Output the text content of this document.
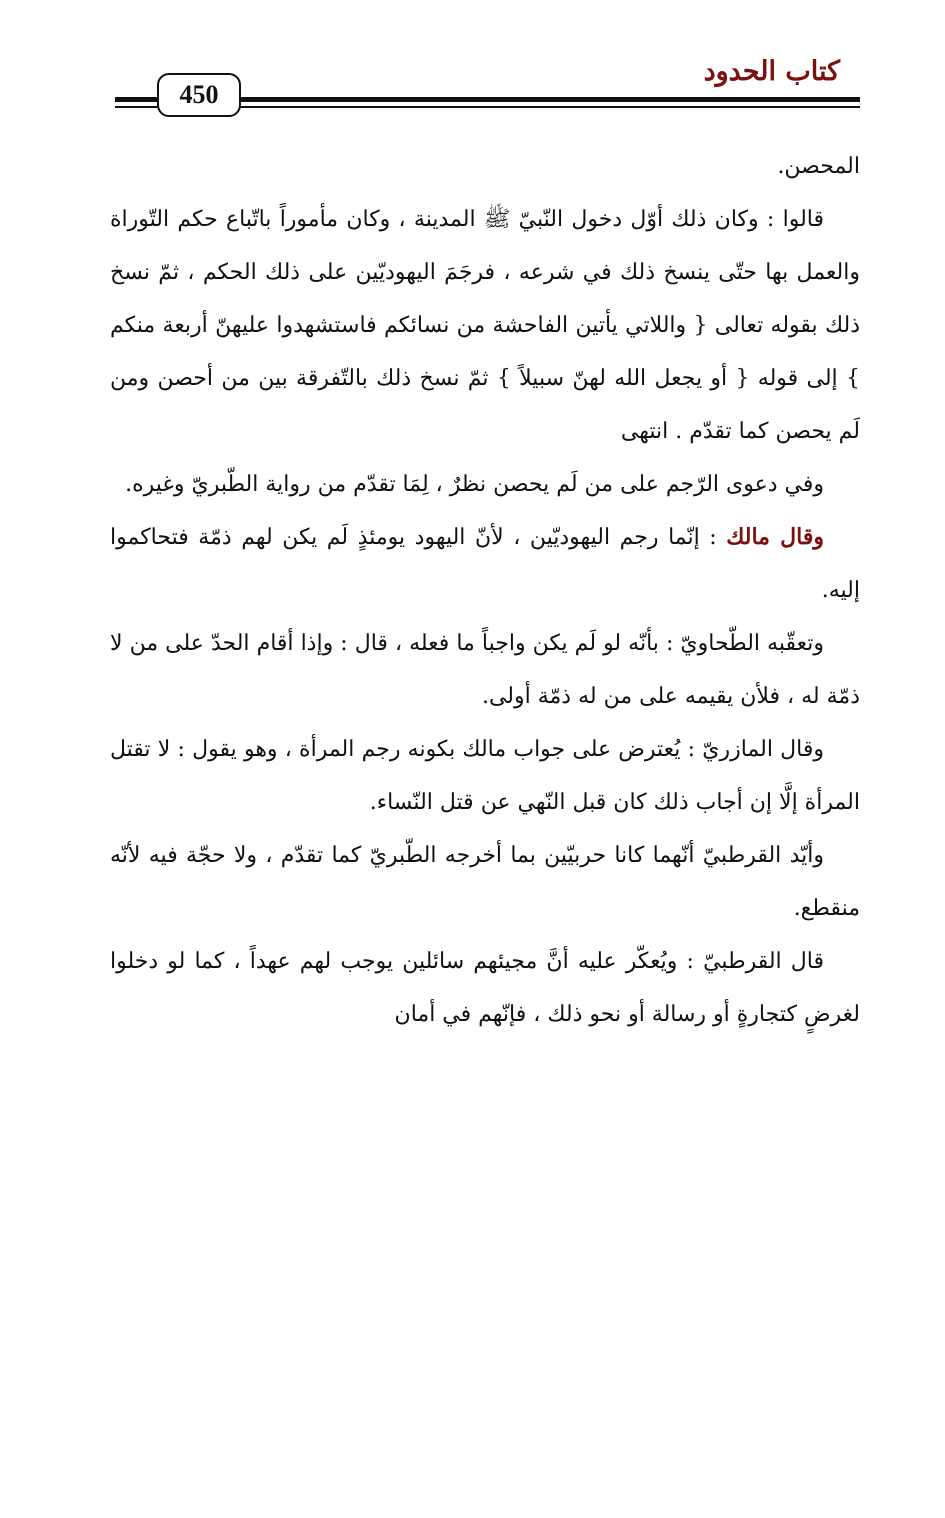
كتاب الحدود
450

المحصن.

قالوا : وكان ذلك أوّل دخول النّبيّ ﷺ المدينة ، وكان مأموراً باتّباع حكم التّوراة والعمل بها حتّى ينسخ ذلك في شرعه ، فرجَمَ اليهوديّين على ذلك الحكم ، ثمّ نسخ ذلك بقوله تعالى { واللاتي يأتين الفاحشة من نسائكم فاستشهدوا عليهنّ أربعة منكم } إلى قوله { أو يجعل الله لهنّ سبيلاً } ثمّ نسخ ذلك بالتّفرقة بين من أحصن ومن لَم يحصن كما تقدّم . انتهى

وفي دعوى الرّجم على من لَم يحصن نظرٌ ، لِمَا تقدّم من رواية الطّبريّ وغيره.

وقال مالك : إنّما رجم اليهوديّين ، لأنّ اليهود يومئذٍ لَم يكن لهم ذمّة فتحاكموا إليه.

وتعقّبه الطّحاويّ : بأنّه لو لَم يكن واجباً ما فعله ، قال : وإذا أقام الحدّ على من لا ذمّة له ، فلأن يقيمه على من له ذمّة أولى.

وقال المازريّ : يُعترض على جواب مالك بكونه رجم المرأة ، وهو يقول : لا تقتل المرأة إلَّا إن أجاب ذلك كان قبل النّهي عن قتل النّساء.

وأيّد القرطبيّ أنّهما كانا حربيّين بما أخرجه الطّبريّ كما تقدّم ، ولا حجّة فيه لأنّه منقطع.

قال القرطبيّ : ويُعكّر عليه أنَّ مجيئهم سائلين يوجب لهم عهداً ، كما لو دخلوا لغرضٍ كتجارةٍ أو رسالة أو نحو ذلك ، فإنّهم في أمان
